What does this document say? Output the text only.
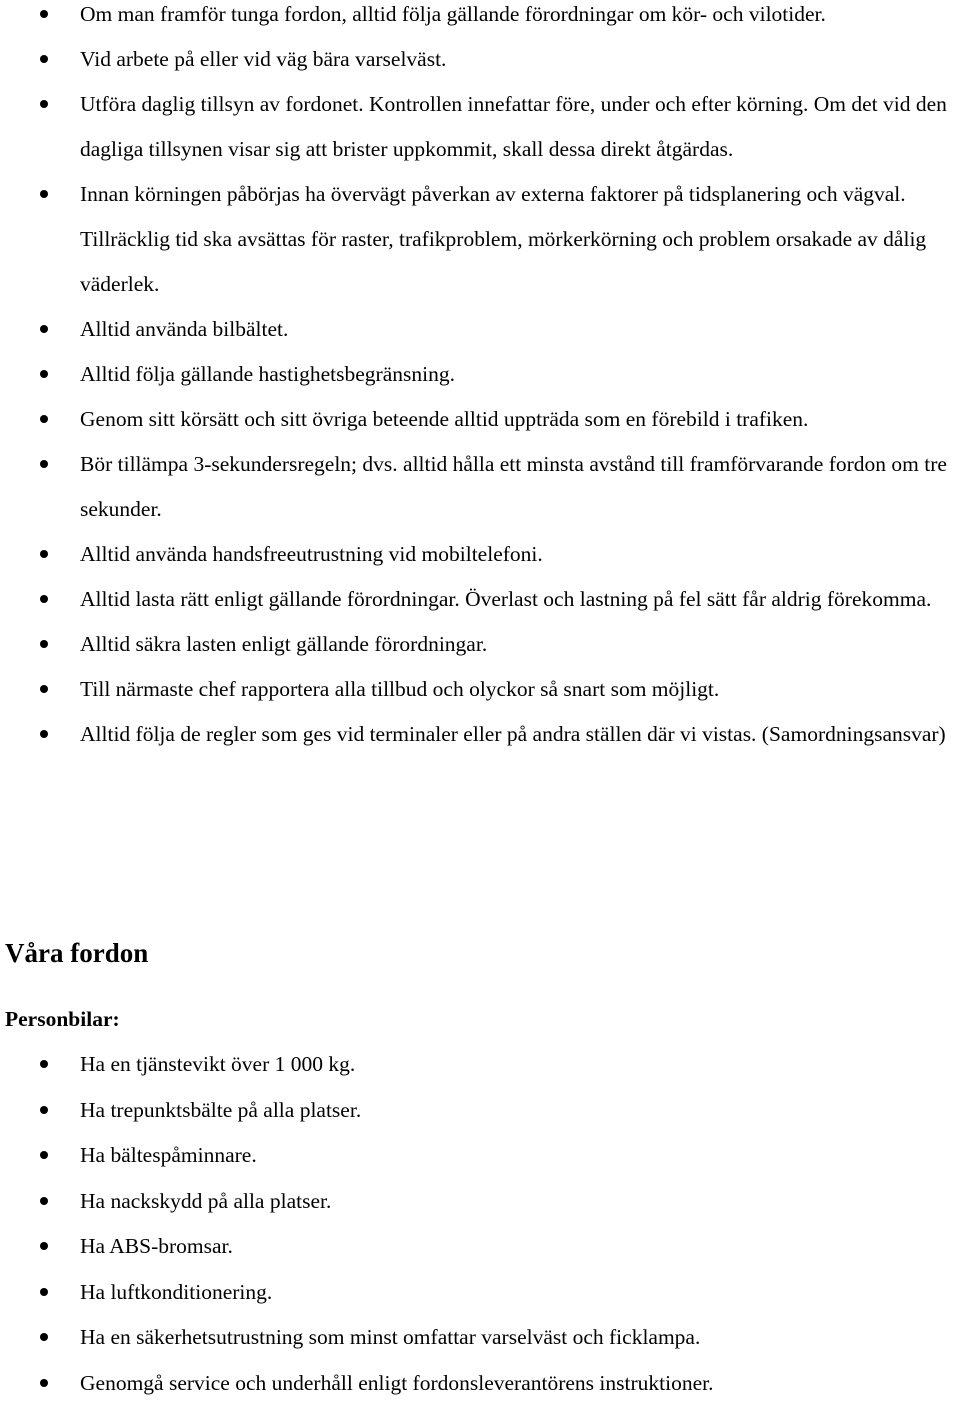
Om man framför tunga fordon, alltid följa gällande förordningar om kör- och vilotider.
Vid arbete på eller vid väg bära varselväst.
Utföra daglig tillsyn av fordonet. Kontrollen innefattar före, under och efter körning. Om det vid den dagliga tillsynen visar sig att brister uppkommit, skall dessa direkt åtgärdas.
Innan körningen påbörjas ha övervägt påverkan av externa faktorer på tidsplanering och vägval. Tillräcklig tid ska avsättas för raster, trafikproblem, mörkerkörning och problem orsakade av dålig väderlek.
Alltid använda bilbältet.
Alltid följa gällande hastighetsbegränsning.
Genom sitt körsätt och sitt övriga beteende alltid uppträda som en förebild i trafiken.
Bör tillämpa 3-sekundersregeln; dvs. alltid hålla ett minsta avstånd till framförvarande fordon om tre sekunder.
Alltid använda handsfreeutrustning vid mobiltelefoni.
Alltid lasta rätt enligt gällande förordningar. Överlast och lastning på fel sätt får aldrig förekomma.
Alltid säkra lasten enligt gällande förordningar.
Till närmaste chef rapportera alla tillbud och olyckor så snart som möjligt.
Alltid följa de regler som ges vid terminaler eller på andra ställen där vi vistas. (Samordningsansvar)
Våra fordon
Personbilar:
Ha en tjänstevikt över 1 000 kg.
Ha trepunktsbälte på alla platser.
Ha bältespåminnare.
Ha nackskydd på alla platser.
Ha ABS-bromsar.
Ha luftkonditionering.
Ha en säkerhetsutrustning som minst omfattar varselväst och ficklampa.
Genomgå service och underhåll enligt fordonsleverantörens instruktioner.
